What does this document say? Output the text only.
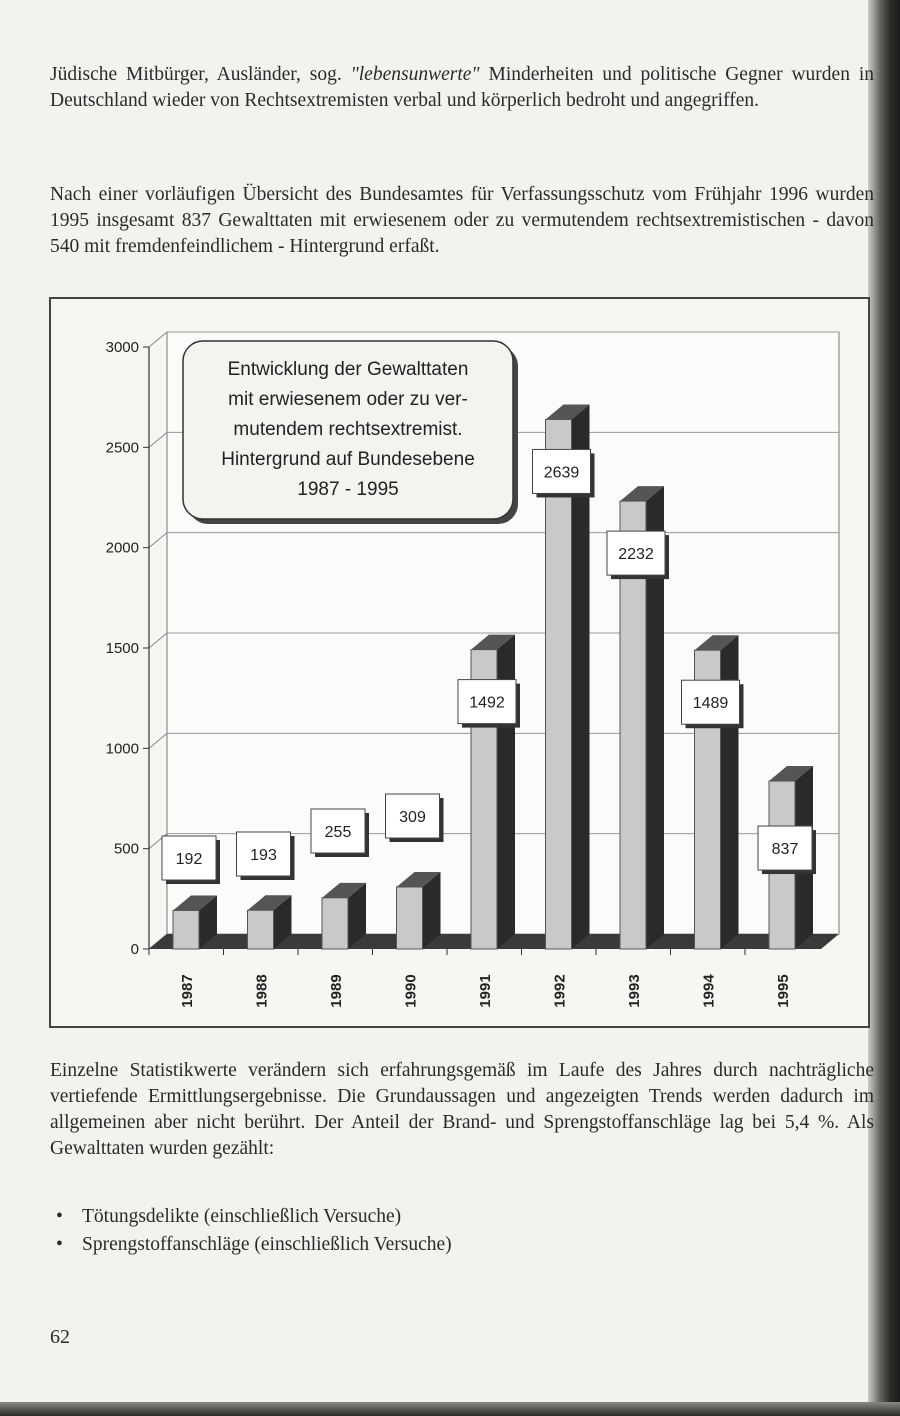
Jüdische Mitbürger, Ausländer, sog. "lebensunwerte" Minderheiten und politische Gegner wurden in Deutschland wieder von Rechtsextremisten verbal und körperlich bedroht und angegriffen.

Nach einer vorläufigen Übersicht des Bundesamtes für Verfassungsschutz vom Frühjahr 1996 wurden 1995 insgesamt 837 Gewalttaten mit erwiesenem oder zu vermutendem rechtsextremistischen - davon 540 mit fremdenfeindlichem - Hintergrund erfaßt.

0
500
1000
1500
2000
2500
3000
Entwicklung der Gewalttaten
mit erwiesenem oder zu ver-
mutendem rechtsextremist.
Hintergrund auf Bundesebene
1987 - 1995
192
1987
193
1988
255
1989
309
1990
1492
1991
2639
1992
2232
1993
1489
1994
837
1995

Einzelne Statistikwerte verändern sich erfahrungsgemäß im Laufe des Jahres durch nachträgliche vertiefende Ermittlungsergebnisse. Die Grundaussagen und angezeigten Trends werden dadurch im allgemeinen aber nicht berührt. Der Anteil der Brand- und Sprengstoffanschläge lag bei 5,4 %. Als Gewalttaten wurden gezählt:

• Tötungsdelikte (einschließlich Versuche)
• Sprengstoffanschläge (einschließlich Versuche)
62
